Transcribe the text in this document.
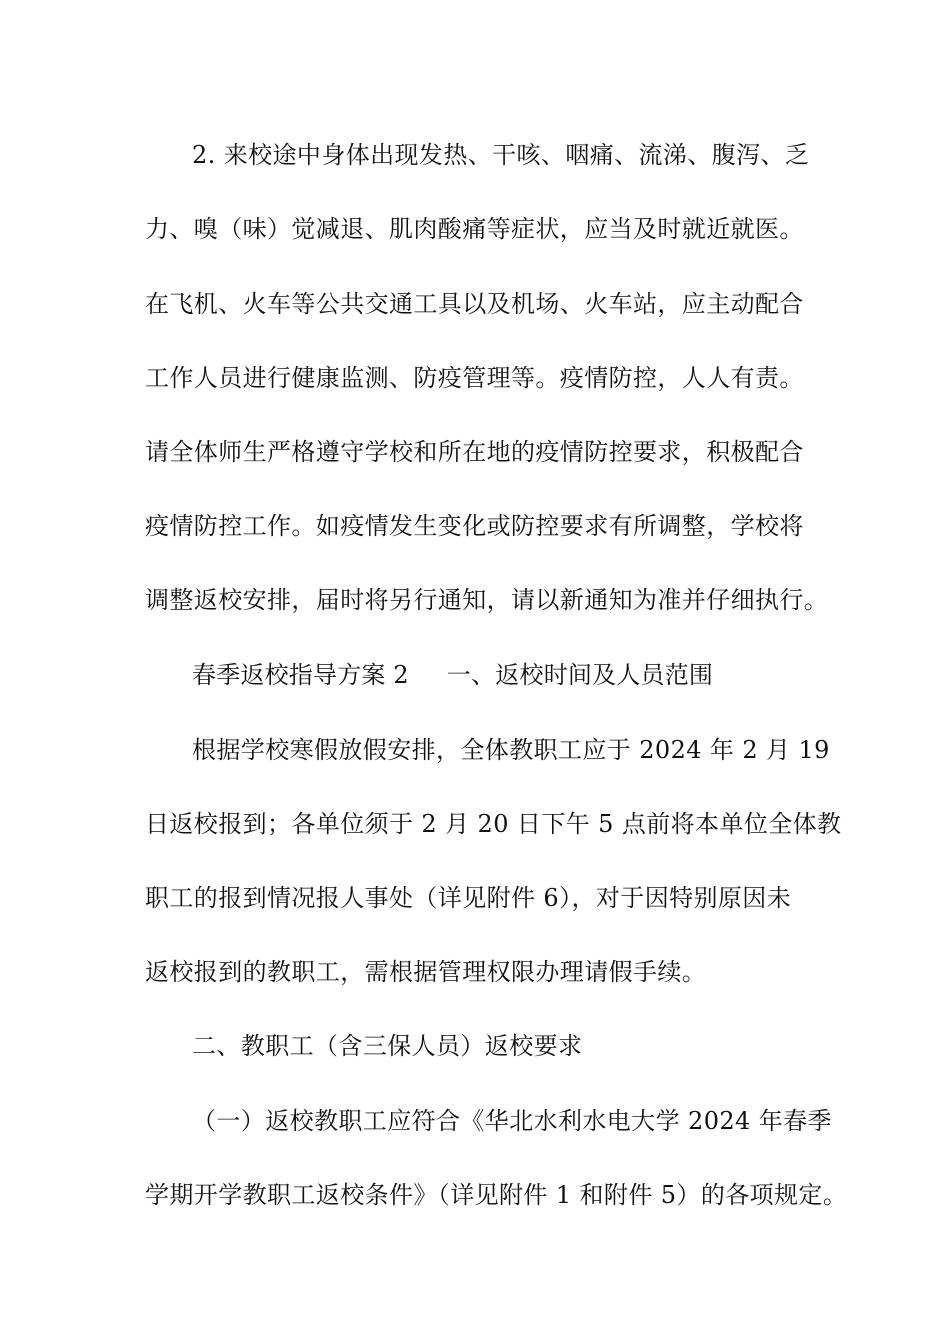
2. 来校途中身体出现发热、干咳、咽痛、流涕、腹泻、乏
力、嗅（味）觉减退、肌肉酸痛等症状，应当及时就近就医。
在飞机、火车等公共交通工具以及机场、火车站，应主动配合
工作人员进行健康监测、防疫管理等。疫情防控，人人有责。
请全体师生严格遵守学校和所在地的疫情防控要求，积极配合
疫情防控工作。如疫情发生变化或防控要求有所调整，学校将
调整返校安排，届时将另行通知，请以新通知为准并仔细执行。
春季返校指导方案 2 一、返校时间及人员范围
根据学校寒假放假安排，全体教职工应于 2024 年 2 月 19
日返校报到；各单位须于 2 月 20 日下午 5 点前将本单位全体教
职工的报到情况报人事处（详见附件 6），对于因特别原因未
返校报到的教职工，需根据管理权限办理请假手续。
二、教职工（含三保人员）返校要求
（一）返校教职工应符合《华北水利水电大学 2024 年春季
学期开学教职工返校条件》（详见附件 1 和附件 5）的各项规定。
